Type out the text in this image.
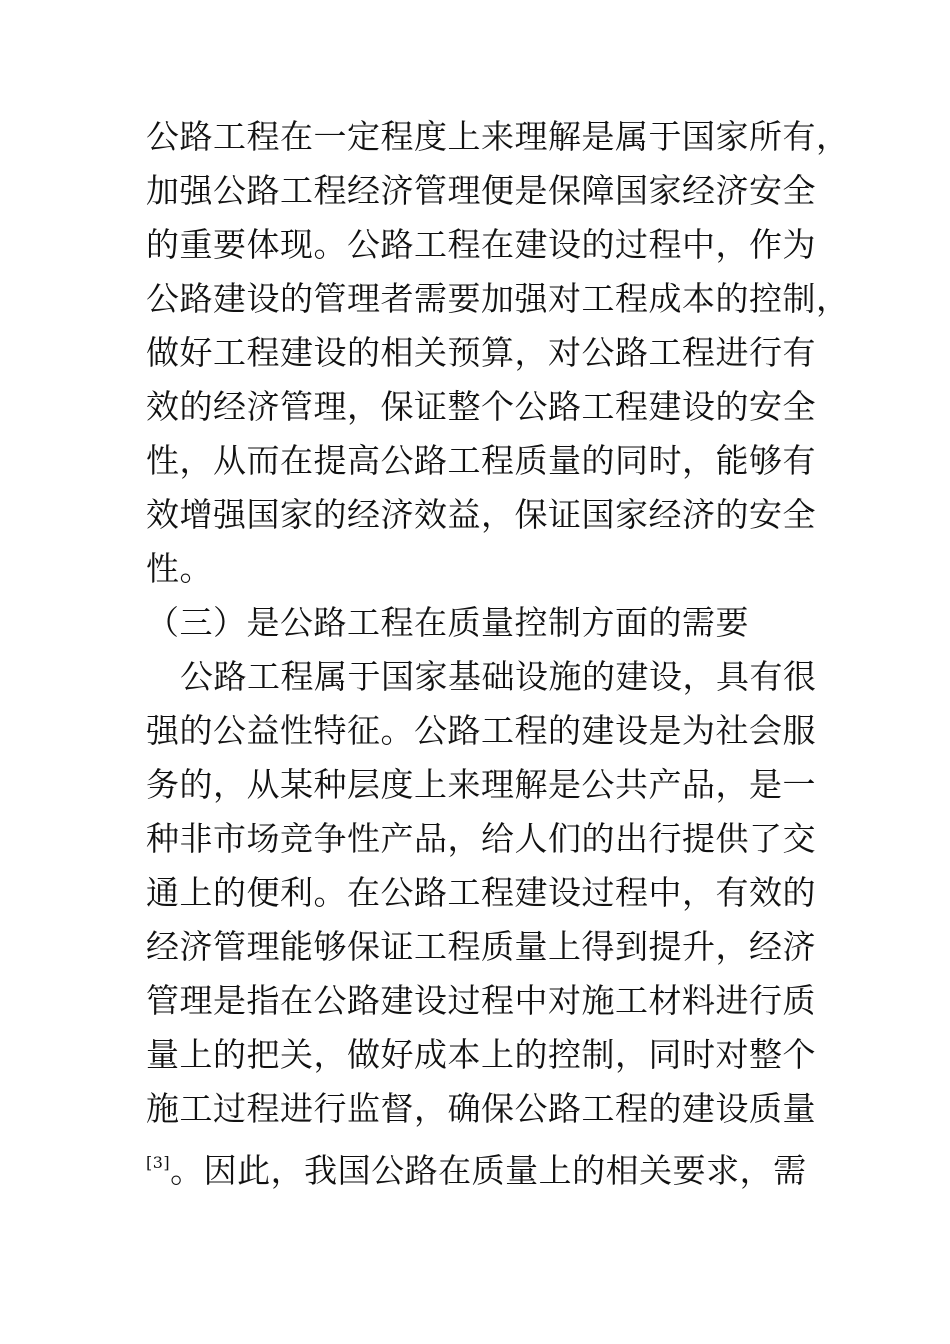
公路工程在一定程度上来理解是属于国家所有，
加强公路工程经济管理便是保障国家经济安全
的重要体现。公路工程在建设的过程中，作为
公路建设的管理者需要加强对工程成本的控制，
做好工程建设的相关预算，对公路工程进行有
效的经济管理，保证整个公路工程建设的安全
性，从而在提高公路工程质量的同时，能够有
效增强国家的经济效益，保证国家经济的安全
性。
（三）是公路工程在质量控制方面的需要
公路工程属于国家基础设施的建设，具有很
强的公益性特征。公路工程的建设是为社会服
务的，从某种层度上来理解是公共产品，是一
种非市场竞争性产品，给人们的出行提供了交
通上的便利。在公路工程建设过程中，有效的
经济管理能够保证工程质量上得到提升，经济
管理是指在公路建设过程中对施工材料进行质
量上的把关，做好成本上的控制，同时对整个
施工过程进行监督，确保公路工程的建设质量
[3]。因此，我国公路在质量上的相关要求，需
